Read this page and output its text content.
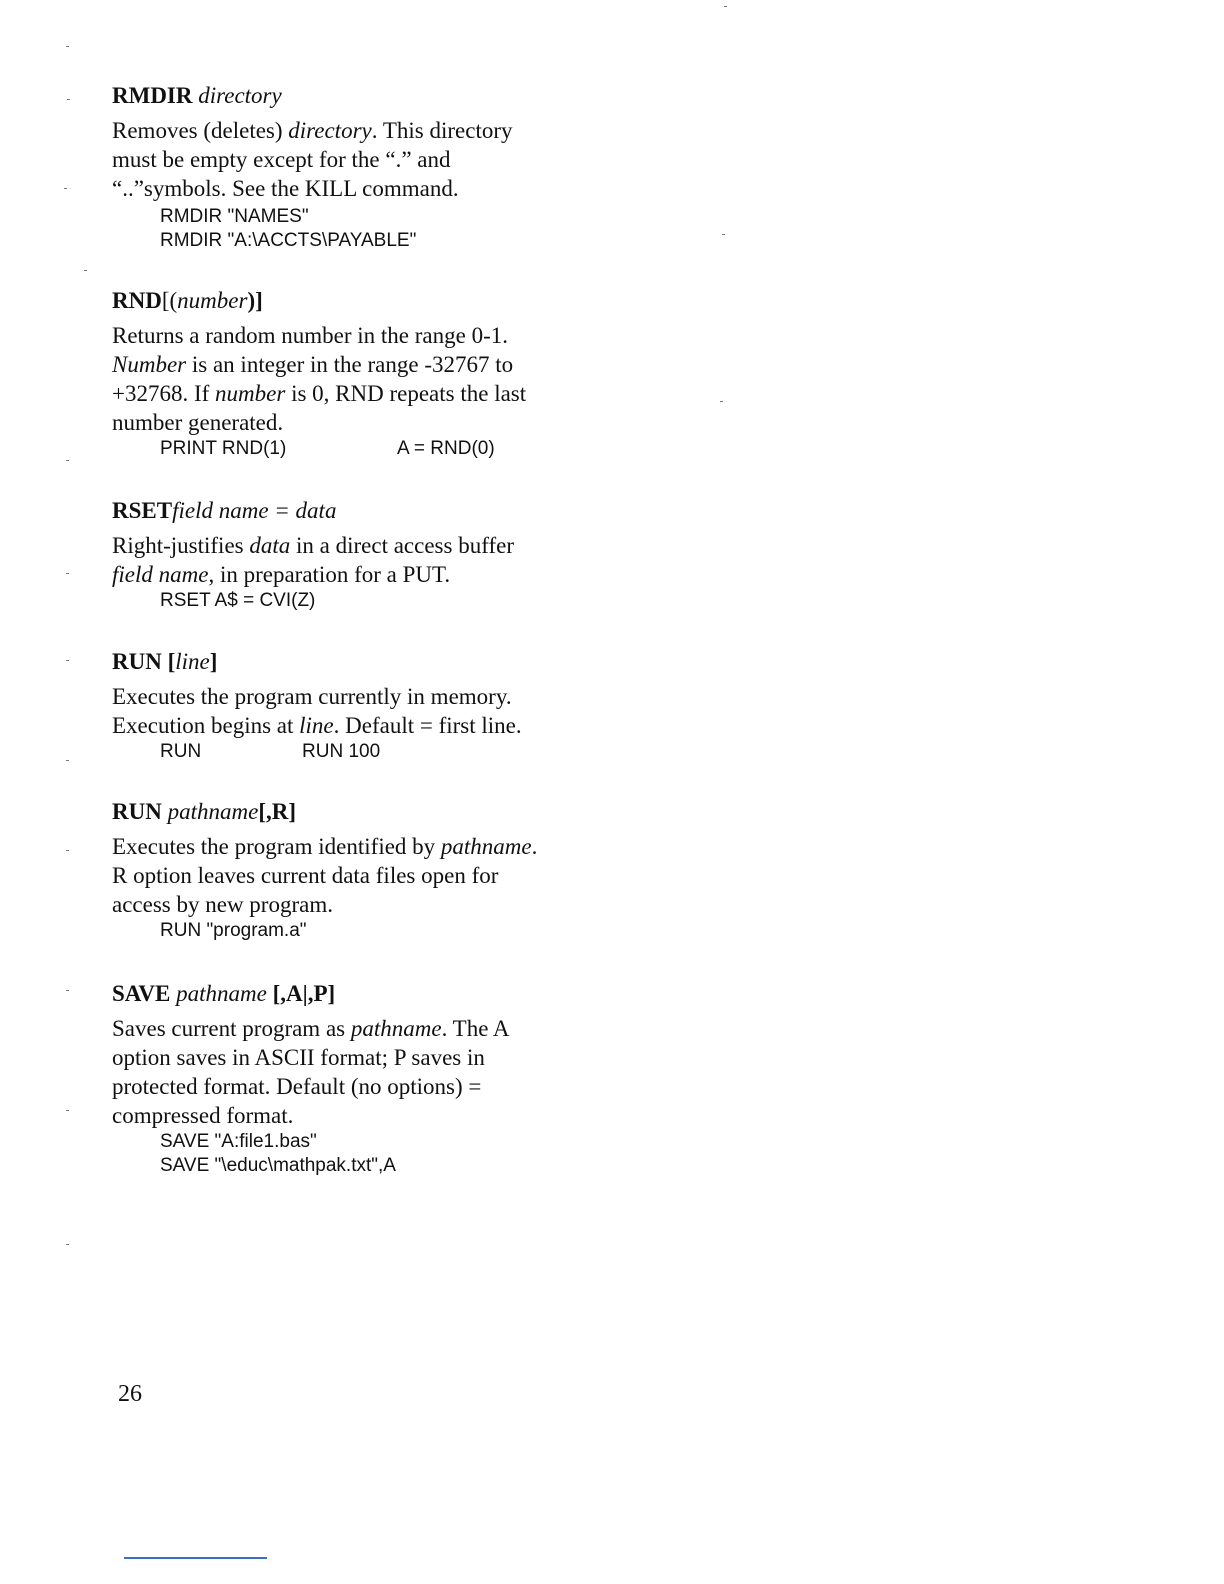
RMDIR directory
Removes (deletes) directory. This directory
must be empty except for the “.” and
“..”symbols. See the KILL command.
RMDIR "NAMES"
RMDIR "A:\ACCTS\PAYABLE"
RND[(number)]
Returns a random number in the range 0-1.
Number is an integer in the range -32767 to
+32768. If number is 0, RND repeats the last
number generated.
PRINT RND(1)	A = RND(0)
RSETfield name = data
Right-justifies data in a direct access buffer
field name, in preparation for a PUT.
RSET A$ = CVI(Z)
RUN [line]
Executes the program currently in memory.
Execution begins at line. Default = first line.
RUN	RUN 100
RUN pathname[,R]
Executes the program identified by pathname.
R option leaves current data files open for
access by new program.
RUN "program.a"
SAVE pathname [,A|,P]
Saves current program as pathname. The A
option saves in ASCII format; P saves in
protected format. Default (no options) =
compressed format.
SAVE "A:file1.bas"
SAVE "\educ\mathpak.txt",A
26
